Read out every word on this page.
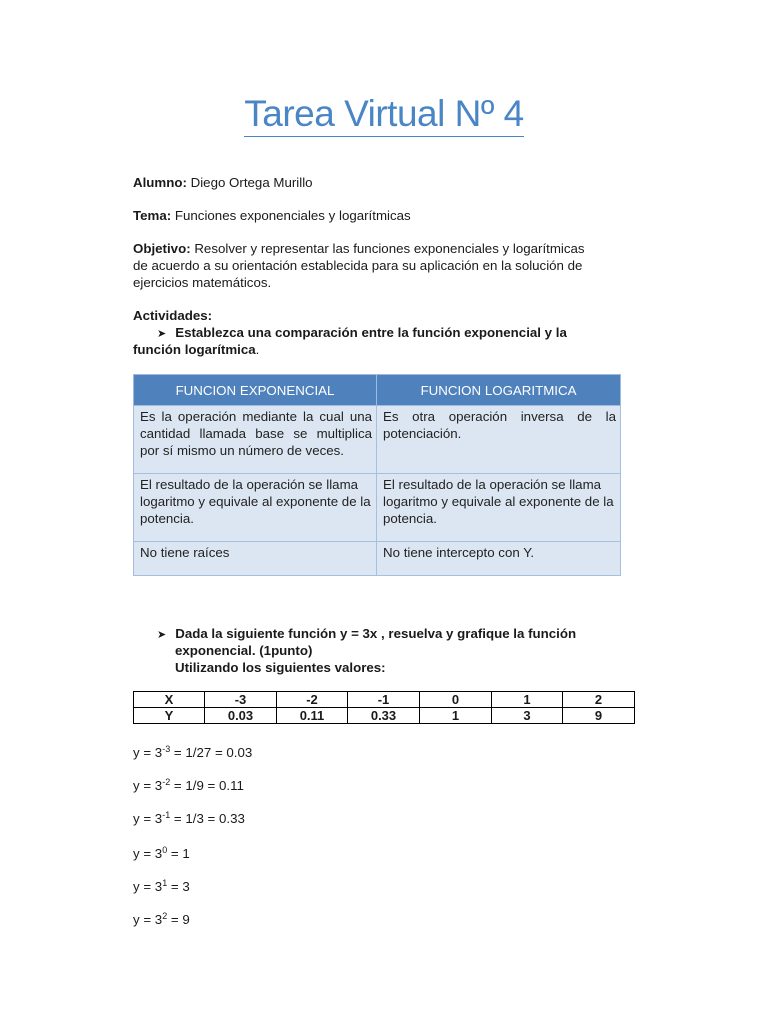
Tarea Virtual Nº 4
Alumno: Diego Ortega Murillo
Tema: Funciones exponenciales y logarítmicas
Objetivo: Resolver y representar las funciones exponenciales y logarítmicas
de acuerdo a su orientación establecida para su aplicación en la solución de
ejercicios matemáticos.
Actividades:
➤ Establezca una comparación entre la función exponencial y la
función logarítmica.
FUNCION EXPONENCIAL	FUNCION LOGARITMICA
Es la operación mediante la cual una cantidad llamada base se multiplica por sí mismo un número de veces.	Es otra operación inversa de la potenciación.
El resultado de la operación se llama logaritmo y equivale al exponente de la potencia.	El resultado de la operación se llama logaritmo y equivale al exponente de la potencia.
No tiene raíces	No tiene intercepto con Y.
➤ Dada la siguiente función y = 3x , resuelva y grafique la función
exponencial. (1punto)
Utilizando los siguientes valores:
X	-3	-2	-1	0	1	2
Y	0.03	0.11	0.33	1	3	9
$y = 3^{-3} = 1/27 = 0.03$
$y = 3^{-2} = 1/9 = 0.11$
$y = 3^{-1} = 1/3 = 0.33$
$y = 3^0 = 1$
$y = 3^1 = 3$
$y = 3^2 = 9$
